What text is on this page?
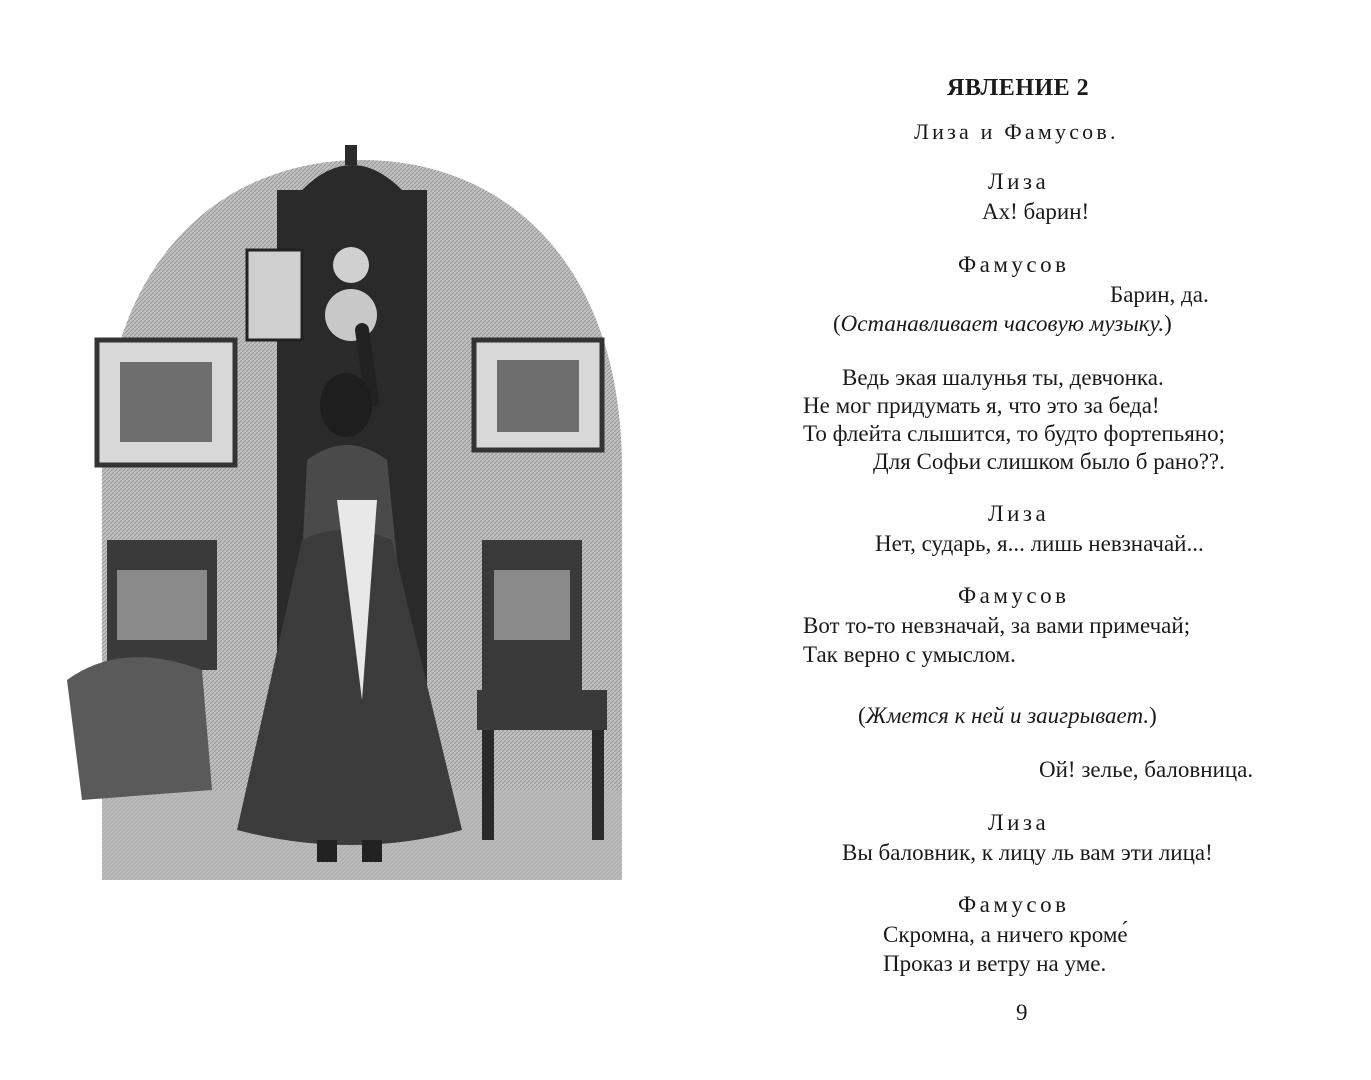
ЯВЛЕНИЕ 2
Лиза и Фамусов.
Лиза
Ах! барин!
Фамусов
Барин, да.
(Останавливает часовую музыку.)
Ведь экая шалунья ты, девчонка.
Не мог придумать я, что это за беда!
То флейта слышится, то будто фортепьяно;
Для Софьи слишком было б рано??.
Лиза
Нет, сударь, я... лишь невзначай...
Фамусов
Вот то-то невзначай, за вами примечай;
Так верно с умыслом.
(Жмется к ней и заигрывает.)
Ой! зелье, баловница.
Лиза
Вы баловник, к лицу ль вам эти лица!
Фамусов
Скромна, а ничего кроме́
Проказ и ветру на уме.
9
